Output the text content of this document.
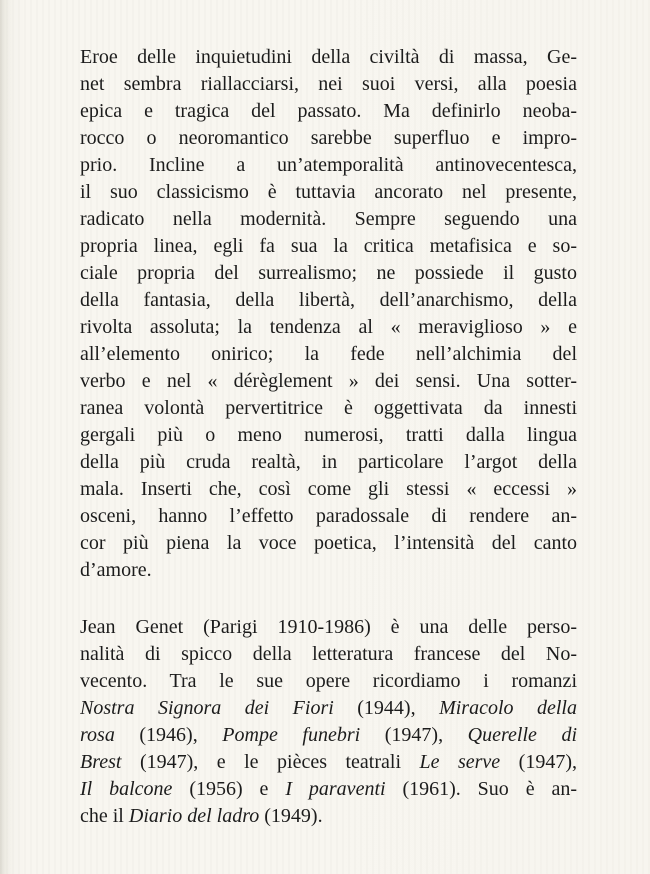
Eroe delle inquietudini della civiltà di massa, Ge-
net sembra riallacciarsi, nei suoi versi, alla poesia
epica e tragica del passato. Ma definirlo neoba-
rocco o neoromantico sarebbe superfluo e impro-
prio. Incline a un’atemporalità antinovecentesca,
il suo classicismo è tuttavia ancorato nel presente,
radicato nella modernità. Sempre seguendo una
propria linea, egli fa sua la critica metafisica e so-
ciale propria del surrealismo; ne possiede il gusto
della fantasia, della libertà, dell’anarchismo, della
rivolta assoluta; la tendenza al « meraviglioso » e
all’elemento onirico; la fede nell’alchimia del
verbo e nel « dérèglement » dei sensi. Una sotter-
ranea volontà pervertitrice è oggettivata da innesti
gergali più o meno numerosi, tratti dalla lingua
della più cruda realtà, in particolare l’argot della
mala. Inserti che, così come gli stessi « eccessi »
osceni, hanno l’effetto paradossale di rendere an-
cor più piena la voce poetica, l’intensità del canto
d’amore.
Jean Genet (Parigi 1910-1986) è una delle perso-
nalità di spicco della letteratura francese del No-
vecento. Tra le sue opere ricordiamo i romanzi
Nostra Signora dei Fiori (1944), Miracolo della
rosa (1946), Pompe funebri (1947), Querelle di
Brest (1947), e le pièces teatrali Le serve (1947),
Il balcone (1956) e I paraventi (1961). Suo è an-
che il Diario del ladro (1949).
